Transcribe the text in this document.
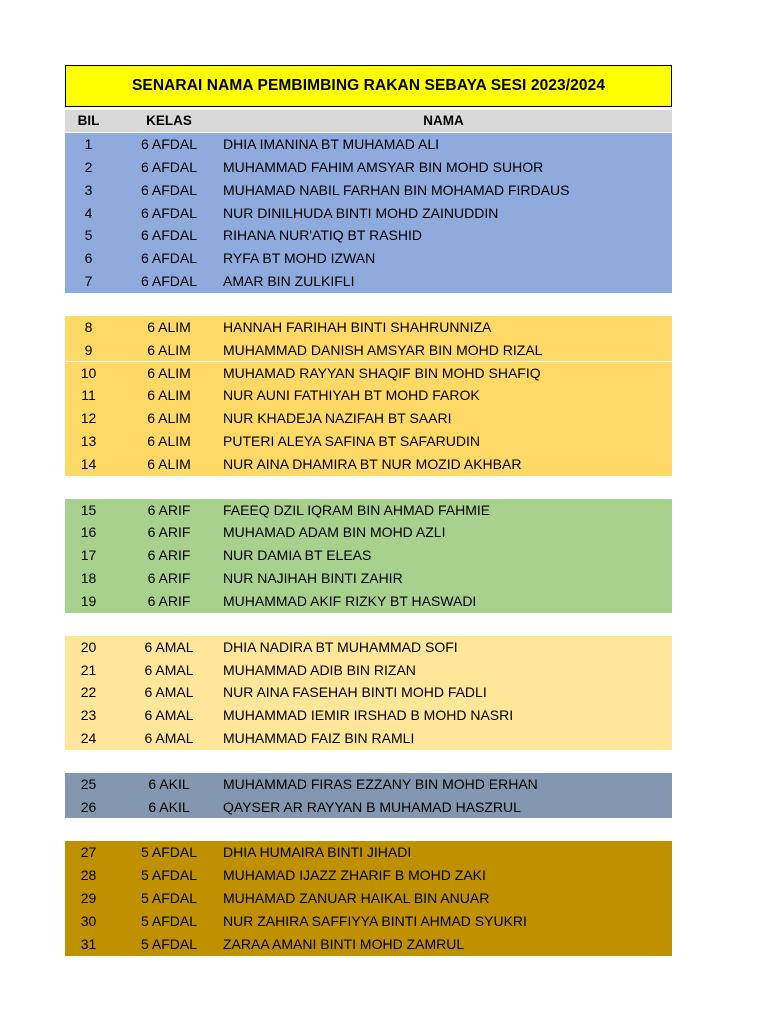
SENARAI NAMA PEMBIMBING RAKAN SEBAYA SESI 2023/2024
BIL	KELAS	NAMA
1	6 AFDAL	DHIA IMANINA BT MUHAMAD ALI
2	6 AFDAL	MUHAMMAD FAHIM AMSYAR BIN MOHD SUHOR
3	6 AFDAL	MUHAMAD NABIL FARHAN BIN MOHAMAD FIRDAUS
4	6 AFDAL	NUR DINILHUDA BINTI MOHD ZAINUDDIN
5	6 AFDAL	RIHANA NUR'ATIQ BT RASHID
6	6 AFDAL	RYFA BT MOHD IZWAN
7	6 AFDAL	AMAR BIN ZULKIFLI
8	6 ALIM	HANNAH FARIHAH BINTI SHAHRUNNIZA
9	6 ALIM	MUHAMMAD DANISH AMSYAR BIN MOHD RIZAL
10	6 ALIM	MUHAMAD RAYYAN SHAQIF BIN MOHD SHAFIQ
11	6 ALIM	NUR AUNI FATHIYAH BT MOHD FAROK
12	6 ALIM	NUR KHADEJA NAZIFAH BT SAARI
13	6 ALIM	PUTERI ALEYA SAFINA BT SAFARUDIN
14	6 ALIM	NUR AINA DHAMIRA BT NUR MOZID AKHBAR
15	6 ARIF	FAEEQ DZIL IQRAM BIN AHMAD FAHMIE
16	6 ARIF	MUHAMAD ADAM BIN MOHD AZLI
17	6 ARIF	NUR DAMIA BT ELEAS
18	6 ARIF	NUR NAJIHAH BINTI ZAHIR
19	6 ARIF	MUHAMMAD AKIF RIZKY BT HASWADI
20	6 AMAL	DHIA NADIRA BT MUHAMMAD SOFI
21	6 AMAL	MUHAMMAD ADIB BIN RIZAN
22	6 AMAL	NUR AINA FASEHAH BINTI MOHD FADLI
23	6 AMAL	MUHAMMAD IEMIR IRSHAD B MOHD NASRI
24	6 AMAL	MUHAMMAD FAIZ BIN RAMLI
25	6 AKIL	MUHAMMAD FIRAS EZZANY BIN MOHD ERHAN
26	6 AKIL	QAYSER AR RAYYAN B MUHAMAD HASZRUL
27	5 AFDAL	DHIA HUMAIRA BINTI JIHADI
28	5 AFDAL	MUHAMAD IJAZZ ZHARIF B MOHD ZAKI
29	5 AFDAL	MUHAMAD ZANUAR HAIKAL BIN ANUAR
30	5 AFDAL	NUR ZAHIRA SAFFIYYA BINTI AHMAD SYUKRI
31	5 AFDAL	ZARAA AMANI BINTI MOHD ZAMRUL
